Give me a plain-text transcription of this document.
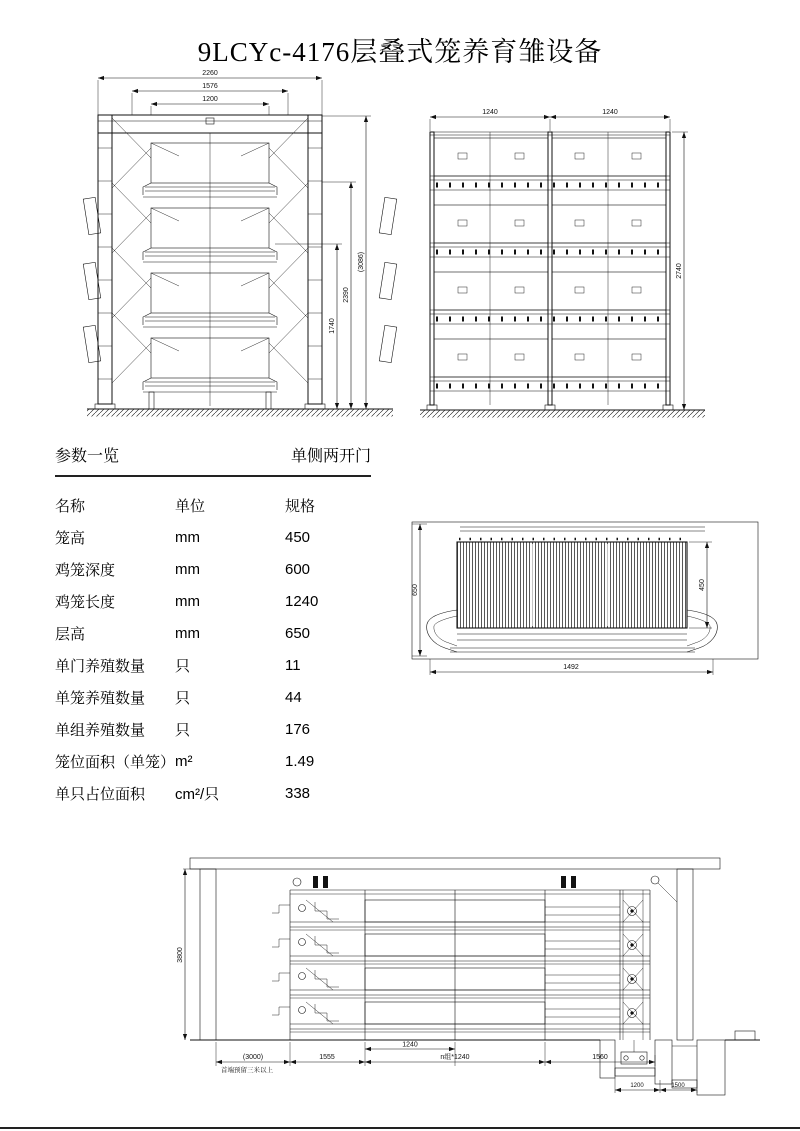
9LCYc-4176层叠式笼养育雏设备
2260
1576
1200
1740
2390
(3086)
1240	1240
2740
650	450
1492
1200	1500
3800
1240
(3000)
首端预留三米以上
1555	n组*1240	1560
参数一览	单侧两开门
名称	单位	规格
笼高	mm	450
鸡笼深度	mm	600
鸡笼长度	mm	1240
层高	mm	650
单门养殖数量	只	11
单笼养殖数量	只	44
单组养殖数量	只	176
笼位面积（单笼） m²	1.49
单只占位面积	cm²/只	338
